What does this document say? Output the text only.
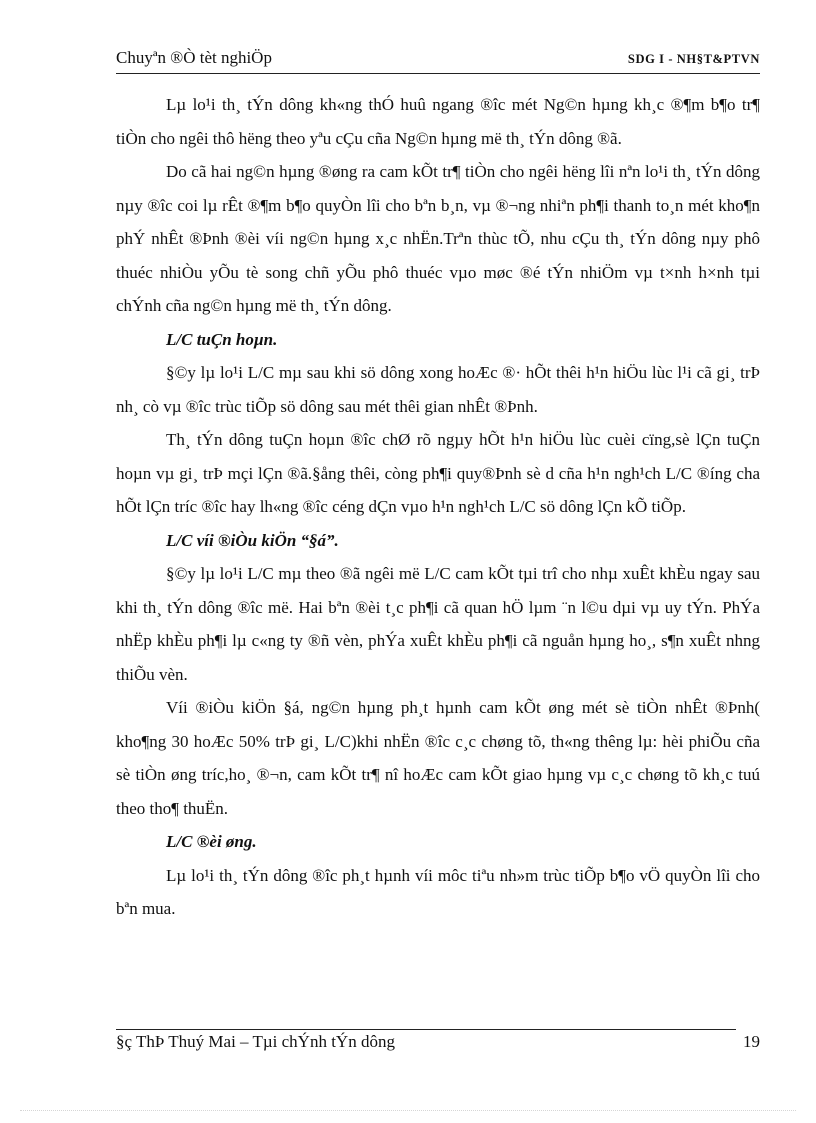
Chuyªn ®Ò tèt nghiÖp	SDG I - NH§T&PTVN

Lµ lo¹i th¸ tÝn dông kh«ng thÓ huû ngang ®îc mét Ng©n hµng kh¸c ®¶m b¶o tr¶ tiÒn cho ngêi thô hëng theo yªu cÇu cña Ng©n hµng më th¸ tÝn dông ®ã.

Do cã hai ng©n hµng ®øng ra cam kÕt tr¶ tiÒn cho ngêi hëng lîi nªn lo¹i th¸ tÝn dông nµy ®îc coi lµ rÊt ®¶m b¶o quyÒn lîi cho bªn b¸n, vµ ®¬ng nhiªn ph¶i thanh to¸n mét kho¶n phÝ nhÊt ®Þnh ®èi víi ng©n hµng x¸c nhËn.Trªn thùc tÕ, nhu cÇu th¸ tÝn dông nµy phô thuéc nhiÒu yÕu tè song chñ yÕu phô thuéc vµo møc ®é tÝn nhiÖm vµ t×nh h×nh tµi chÝnh cña ng©n hµng më th¸ tÝn dông.

L/C tuÇn hoµn.

§©y lµ lo¹i L/C mµ sau khi sö dông xong hoÆc ®· hÕt thêi h¹n hiÖu lùc l¹i cã gi¸ trÞ nh¸ cò vµ ®îc trùc tiÕp sö dông sau mét thêi gian nhÊt ®Þnh.

Th¸ tÝn dông tuÇn hoµn ®îc chØ rõ ngµy hÕt h¹n hiÖu lùc cuèi cïng,sè lÇn tuÇn hoµn vµ gi¸ trÞ mçi lÇn ®ã.§ång thêi, còng ph¶i quy®Þnh sè d cña h¹n ngh¹ch L/C ®íng cha hÕt lÇn tríc ®îc hay lh«ng ®îc céng dÇn vµo h¹n ngh¹ch L/C sö dông lÇn kÕ tiÕp.

L/C víi ®iÒu kiÖn “§á”.

§©y lµ lo¹i L/C mµ theo ®ã ngêi më L/C cam kÕt tµi trî cho nhµ xuÊt khÈu ngay sau khi th¸ tÝn dông ®îc më. Hai bªn ®èi t¸c ph¶i cã quan hÖ lµm ¨n l©u dµi vµ uy tÝn. PhÝa nhËp khÈu ph¶i lµ c«ng ty ®ñ vèn, phÝa xuÊt khÈu ph¶i cã nguån hµng ho¸, s¶n xuÊt nhng thiÕu vèn.

Víi ®iÒu kiÖn §á, ng©n hµng ph¸t hµnh cam kÕt øng mét sè tiÒn nhÊt ®Þnh( kho¶ng 30 hoÆc 50% trÞ gi¸ L/C)khi nhËn ®îc c¸c chøng tõ, th«ng thêng lµ: hèi phiÕu cña sè tiÒn øng tríc,ho¸ ®¬n, cam kÕt tr¶ nî hoÆc cam kÕt giao hµng vµ c¸c chøng tõ kh¸c tuú theo tho¶ thuËn.

L/C ®èi øng.

Lµ lo¹i th¸ tÝn dông ®îc ph¸t hµnh víi môc tiªu nh»m trùc tiÕp b¶o vÖ quyÒn lîi cho bªn mua.

§ç ThÞ Thuý Mai – Tµi chÝnh tÝn dông	19
